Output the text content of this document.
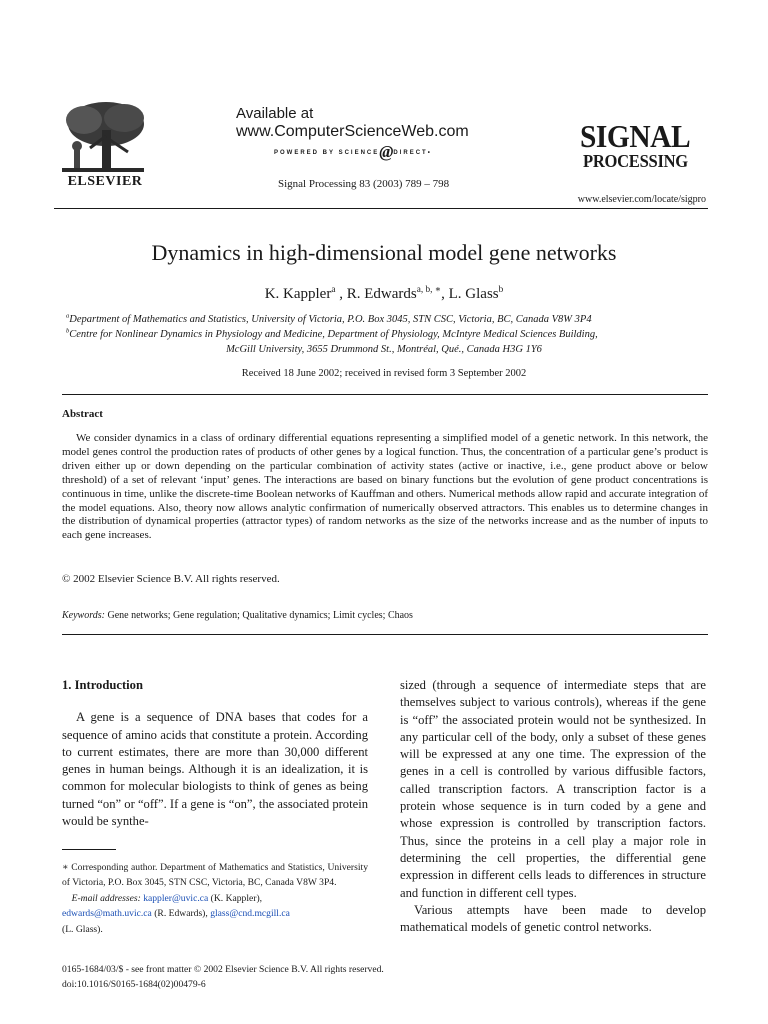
ELSEVIER
Available at
www.ComputerScienceWeb.com
POWERED BY SCIENCE@DIRECT•
Signal Processing 83 (2003) 789 – 798
SIGNAL
PROCESSING
www.elsevier.com/locate/sigpro
Dynamics in high-dimensional model gene networks
K. Kappler$^a$ , R. Edwards$^{a, b, ∗}$, L. Glass$^b$
$^a$Department of Mathematics and Statistics, University of Victoria, P.O. Box 3045, STN CSC, Victoria, BC, Canada V8W 3P4
$^b$Centre for Nonlinear Dynamics in Physiology and Medicine, Department of Physiology, McIntyre Medical Sciences Building,
McGill University, 3655 Drummond St., Montréal, Qué., Canada H3G 1Y6
Received 18 June 2002; received in revised form 3 September 2002
Abstract

We consider dynamics in a class of ordinary differential equations representing a simplified model of a genetic network. In this network, the model genes control the production rates of products of other genes by a logical function. Thus, the concentration of a particular gene’s product is driven either up or down depending on the particular combination of activity states (active or inactive, i.e., gene product above or below threshold) of a set of relevant ‘input’ genes. The interactions are based on binary functions but the evolution of gene product concentrations is continuous in time, unlike the discrete-time Boolean networks of Kauffman and others. Numerical methods allow rapid and accurate integration of the model equations. Also, theory now allows analytic confirmation of numerically observed attractors. This enables us to determine changes in the distribution of dynamical properties (attractor types) of random networks as the size of the networks increase and as the number of inputs to each gene increases.

© 2002 Elsevier Science B.V. All rights reserved.
Keywords: Gene networks; Gene regulation; Qualitative dynamics; Limit cycles; Chaos
1. Introduction

A gene is a sequence of DNA bases that codes for a sequence of amino acids that constitute a protein. According to current estimates, there are more than 30,000 different genes in human beings. Although it is an idealization, it is common for molecular biologists to think of genes as being turned “on” or “off”. If a gene is “on”, the associated protein would be synthe-

∗ Corresponding author. Department of Mathematics and Statistics, University of Victoria, P.O. Box 3045, STN CSC, Victoria, BC, Canada V8W 3P4.
E-mail addresses: kappler@uvic.ca (K. Kappler),
edwards@math.uvic.ca (R. Edwards), glass@cnd.mcgill.ca
(L. Glass).

sized (through a sequence of intermediate steps that are themselves subject to various controls), whereas if the gene is “off” the associated protein would not be synthesized. In any particular cell of the body, only a subset of these genes will be expressed at any one time. The expression of the genes in a cell is controlled by various diffusible factors, called transcription factors. A transcription factor is a protein whose sequence is in turn coded by a gene and whose expression is controlled by transcription factors. Thus, since the proteins in a cell play a major role in determining the cell properties, the differential gene expression in different cells leads to differences in structure and function in different cell types.

Various attempts have been made to develop mathematical models of genetic control networks.

0165-1684/03/$ - see front matter © 2002 Elsevier Science B.V. All rights reserved.
doi:10.1016/S0165-1684(02)00479-6
